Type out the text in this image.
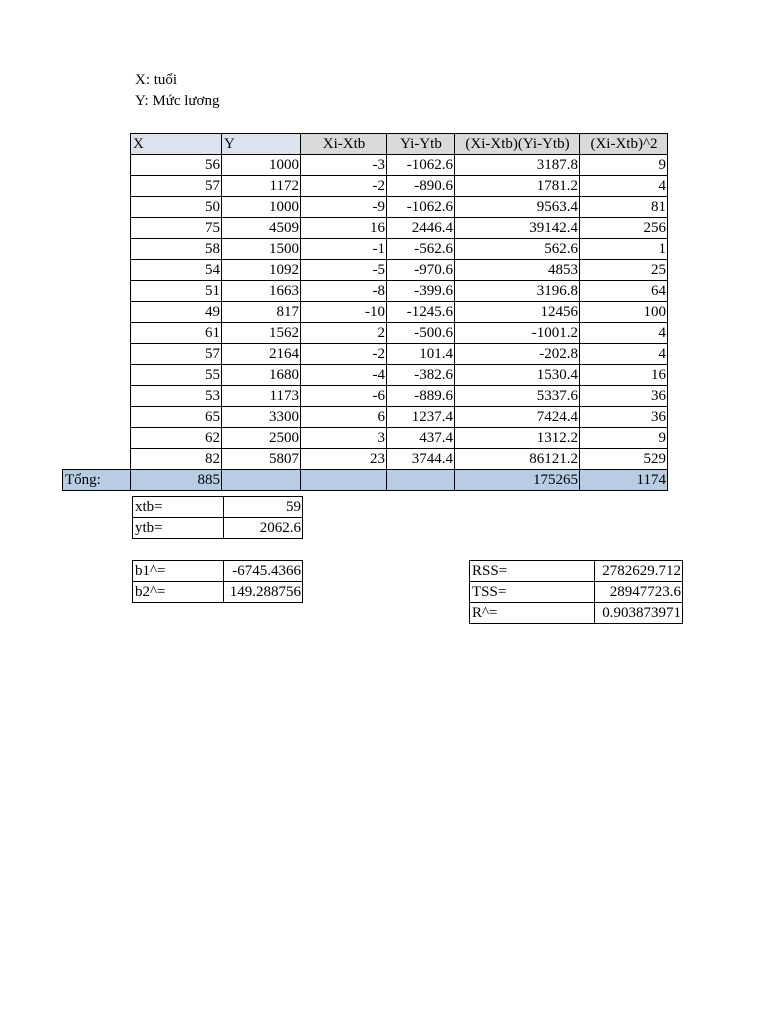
X: tuổi
Y: Mức lương
	X	Y	Xi-Xtb	Yi-Ytb	(Xi-Xtb)(Yi-Ytb)	(Xi-Xtb)^2
	56	1000	-3	-1062.6	3187.8	9
	57	1172	-2	-890.6	1781.2	4
	50	1000	-9	-1062.6	9563.4	81
	75	4509	16	2446.4	39142.4	256
	58	1500	-1	-562.6	562.6	1
	54	1092	-5	-970.6	4853	25
	51	1663	-8	-399.6	3196.8	64
	49	817	-10	-1245.6	12456	100
	61	1562	2	-500.6	-1001.2	4
	57	2164	-2	101.4	-202.8	4
	55	1680	-4	-382.6	1530.4	16
	53	1173	-6	-889.6	5337.6	36
	65	3300	6	1237.4	7424.4	36
	62	2500	3	437.4	1312.2	9
	82	5807	23	3744.4	86121.2	529
Tổng:	885				175265	1174
xtb=	59
ytb=	2062.6
b1^=	-6745.4366
b2^=	149.288756
RSS=	2782629.712
TSS=	28947723.6
R^=	0.903873971
